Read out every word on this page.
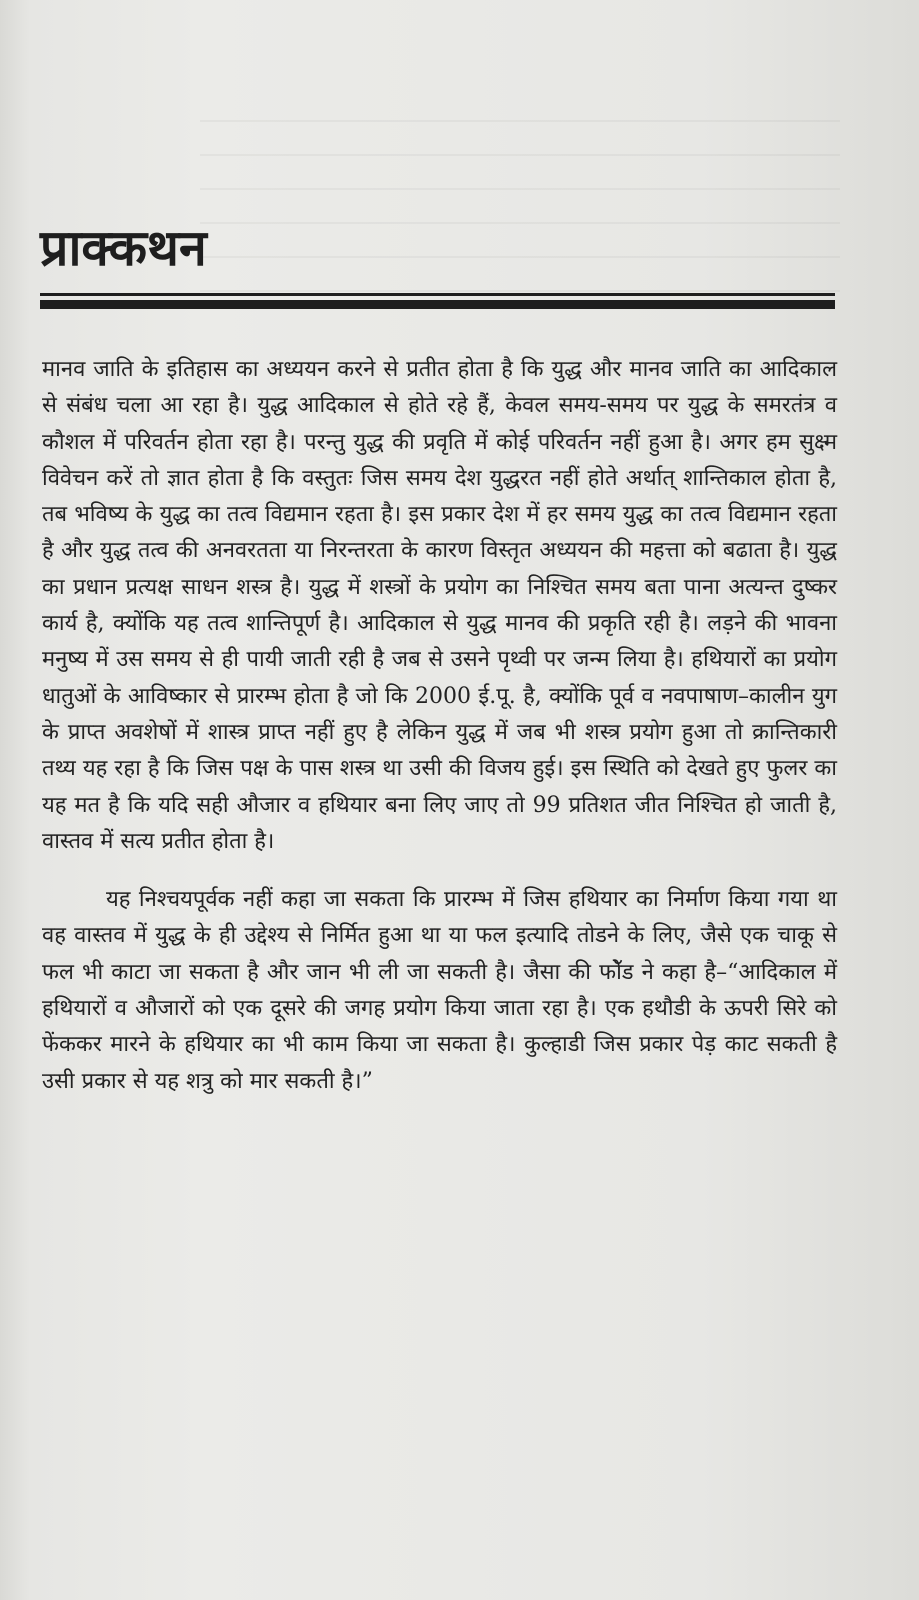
प्राक्कथन

मानव जाति के इतिहास का अध्ययन करने से प्रतीत होता है कि युद्ध और मानव जाति का आदिकाल से संबंध चला आ रहा है। युद्ध आदिकाल से होते रहे हैं, केवल समय-समय पर युद्ध के समरतंत्र व कौशल में परिवर्तन होता रहा है। परन्तु युद्ध की प्रवृति में कोई परिवर्तन नहीं हुआ है। अगर हम सुक्ष्म विवेचन करें तो ज्ञात होता है कि वस्तुतः जिस समय देश युद्धरत नहीं होते अर्थात् शान्तिकाल होता है, तब भविष्य के युद्ध का तत्व विद्यमान रहता है। इस प्रकार देश में हर समय युद्ध का तत्व विद्यमान रहता है और युद्ध तत्व की अनवरतता या निरन्तरता के कारण विस्तृत अध्ययन की महत्ता को बढाता है। युद्ध का प्रधान प्रत्यक्ष साधन शस्त्र है। युद्ध में शस्त्रों के प्रयोग का निश्चित समय बता पाना अत्यन्त दुष्कर कार्य है, क्योंकि यह तत्व शान्तिपूर्ण है। आदिकाल से युद्ध मानव की प्रकृति रही है। लड़ने की भावना मनुष्य में उस समय से ही पायी जाती रही है जब से उसने पृथ्वी पर जन्म लिया है। हथियारों का प्रयोग धातुओं के आविष्कार से प्रारम्भ होता है जो कि 2000 ई.पू. है, क्योंकि पूर्व व नवपाषाण–कालीन युग के प्राप्त अवशेषों में शास्त्र प्राप्त नहीं हुए है लेकिन युद्ध में जब भी शस्त्र प्रयोग हुआ तो क्रान्तिकारी तथ्य यह रहा है कि जिस पक्ष के पास शस्त्र था उसी की विजय हुई। इस स्थिति को देखते हुए फुलर का यह मत है कि यदि सही औजार व हथियार बना लिए जाए तो 99 प्रतिशत जीत निश्चित हो जाती है, वास्तव में सत्य प्रतीत होता है।

यह निश्चयपूर्वक नहीं कहा जा सकता कि प्रारम्भ में जिस हथियार का निर्माण किया गया था वह वास्तव में युद्ध के ही उद्देश्य से निर्मित हुआ था या फल इत्यादि तोडने के लिए, जैसे एक चाकू से फल भी काटा जा सकता है और जान भी ली जा सकती है। जैसा की फॉेड ने कहा है–“आदिकाल में हथियारों व औजारों को एक दूसरे की जगह प्रयोग किया जाता रहा है। एक हथौडी के ऊपरी सिरे को फेंककर मारने के हथियार का भी काम किया जा सकता है। कुल्हाडी जिस प्रकार पेड़ काट सकती है उसी प्रकार से यह शत्रु को मार सकती है।”
